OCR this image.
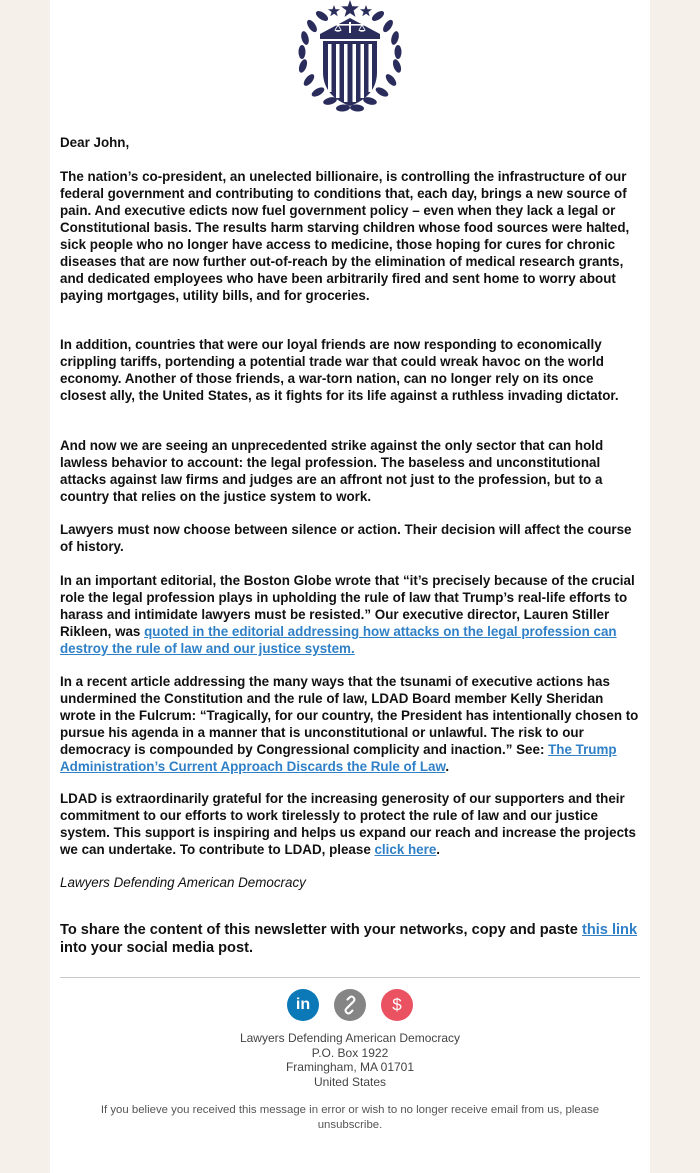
Dear John,

The nation’s co-president, an unelected billionaire, is controlling the infrastructure of our federal government and contributing to conditions that, each day, brings a new source of pain. And executive edicts now fuel government policy – even when they lack a legal or Constitutional basis. The results harm starving children whose food sources were halted, sick people who no longer have access to medicine, those hoping for cures for chronic diseases that are now further out-of-reach by the elimination of medical research grants, and dedicated employees who have been arbitrarily fired and sent home to worry about paying mortgages, utility bills, and for groceries.

In addition, countries that were our loyal friends are now responding to economically crippling tariffs, portending a potential trade war that could wreak havoc on the world economy. Another of those friends, a war-torn nation, can no longer rely on its once closest ally, the United States, as it fights for its life against a ruthless invading dictator.

And now we are seeing an unprecedented strike against the only sector that can hold lawless behavior to account: the legal profession. The baseless and unconstitutional attacks against law firms and judges are an affront not just to the profession, but to a country that relies on the justice system to work.

Lawyers must now choose between silence or action. Their decision will affect the course of history.

In an important editorial, the Boston Globe wrote that “it’s precisely because of the crucial role the legal profession plays in upholding the rule of law that Trump’s real-life efforts to harass and intimidate lawyers must be resisted.” Our executive director, Lauren Stiller Rikleen, was quoted in the editorial addressing how attacks on the legal profession can destroy the rule of law and our justice system.

In a recent article addressing the many ways that the tsunami of executive actions has undermined the Constitution and the rule of law, LDAD Board member Kelly Sheridan wrote in the Fulcrum: “Tragically, for our country, the President has intentionally chosen to pursue his agenda in a manner that is unconstitutional or unlawful. The risk to our democracy is compounded by Congressional complicity and inaction.” See: The Trump Administration’s Current Approach Discards the Rule of Law.

LDAD is extraordinarily grateful for the increasing generosity of our supporters and their commitment to our efforts to work tirelessly to protect the rule of law and our justice system. This support is inspiring and helps us expand our reach and increase the projects we can undertake. To contribute to LDAD, please click here.

Lawyers Defending American Democracy

To share the content of this newsletter with your networks, copy and paste this link into your social media post.

in	$
Lawyers Defending American Democracy
P.O. Box 1922
Framingham, MA 01701
United States
If you believe you received this message in error or wish to no longer receive email from us, please unsubscribe.
